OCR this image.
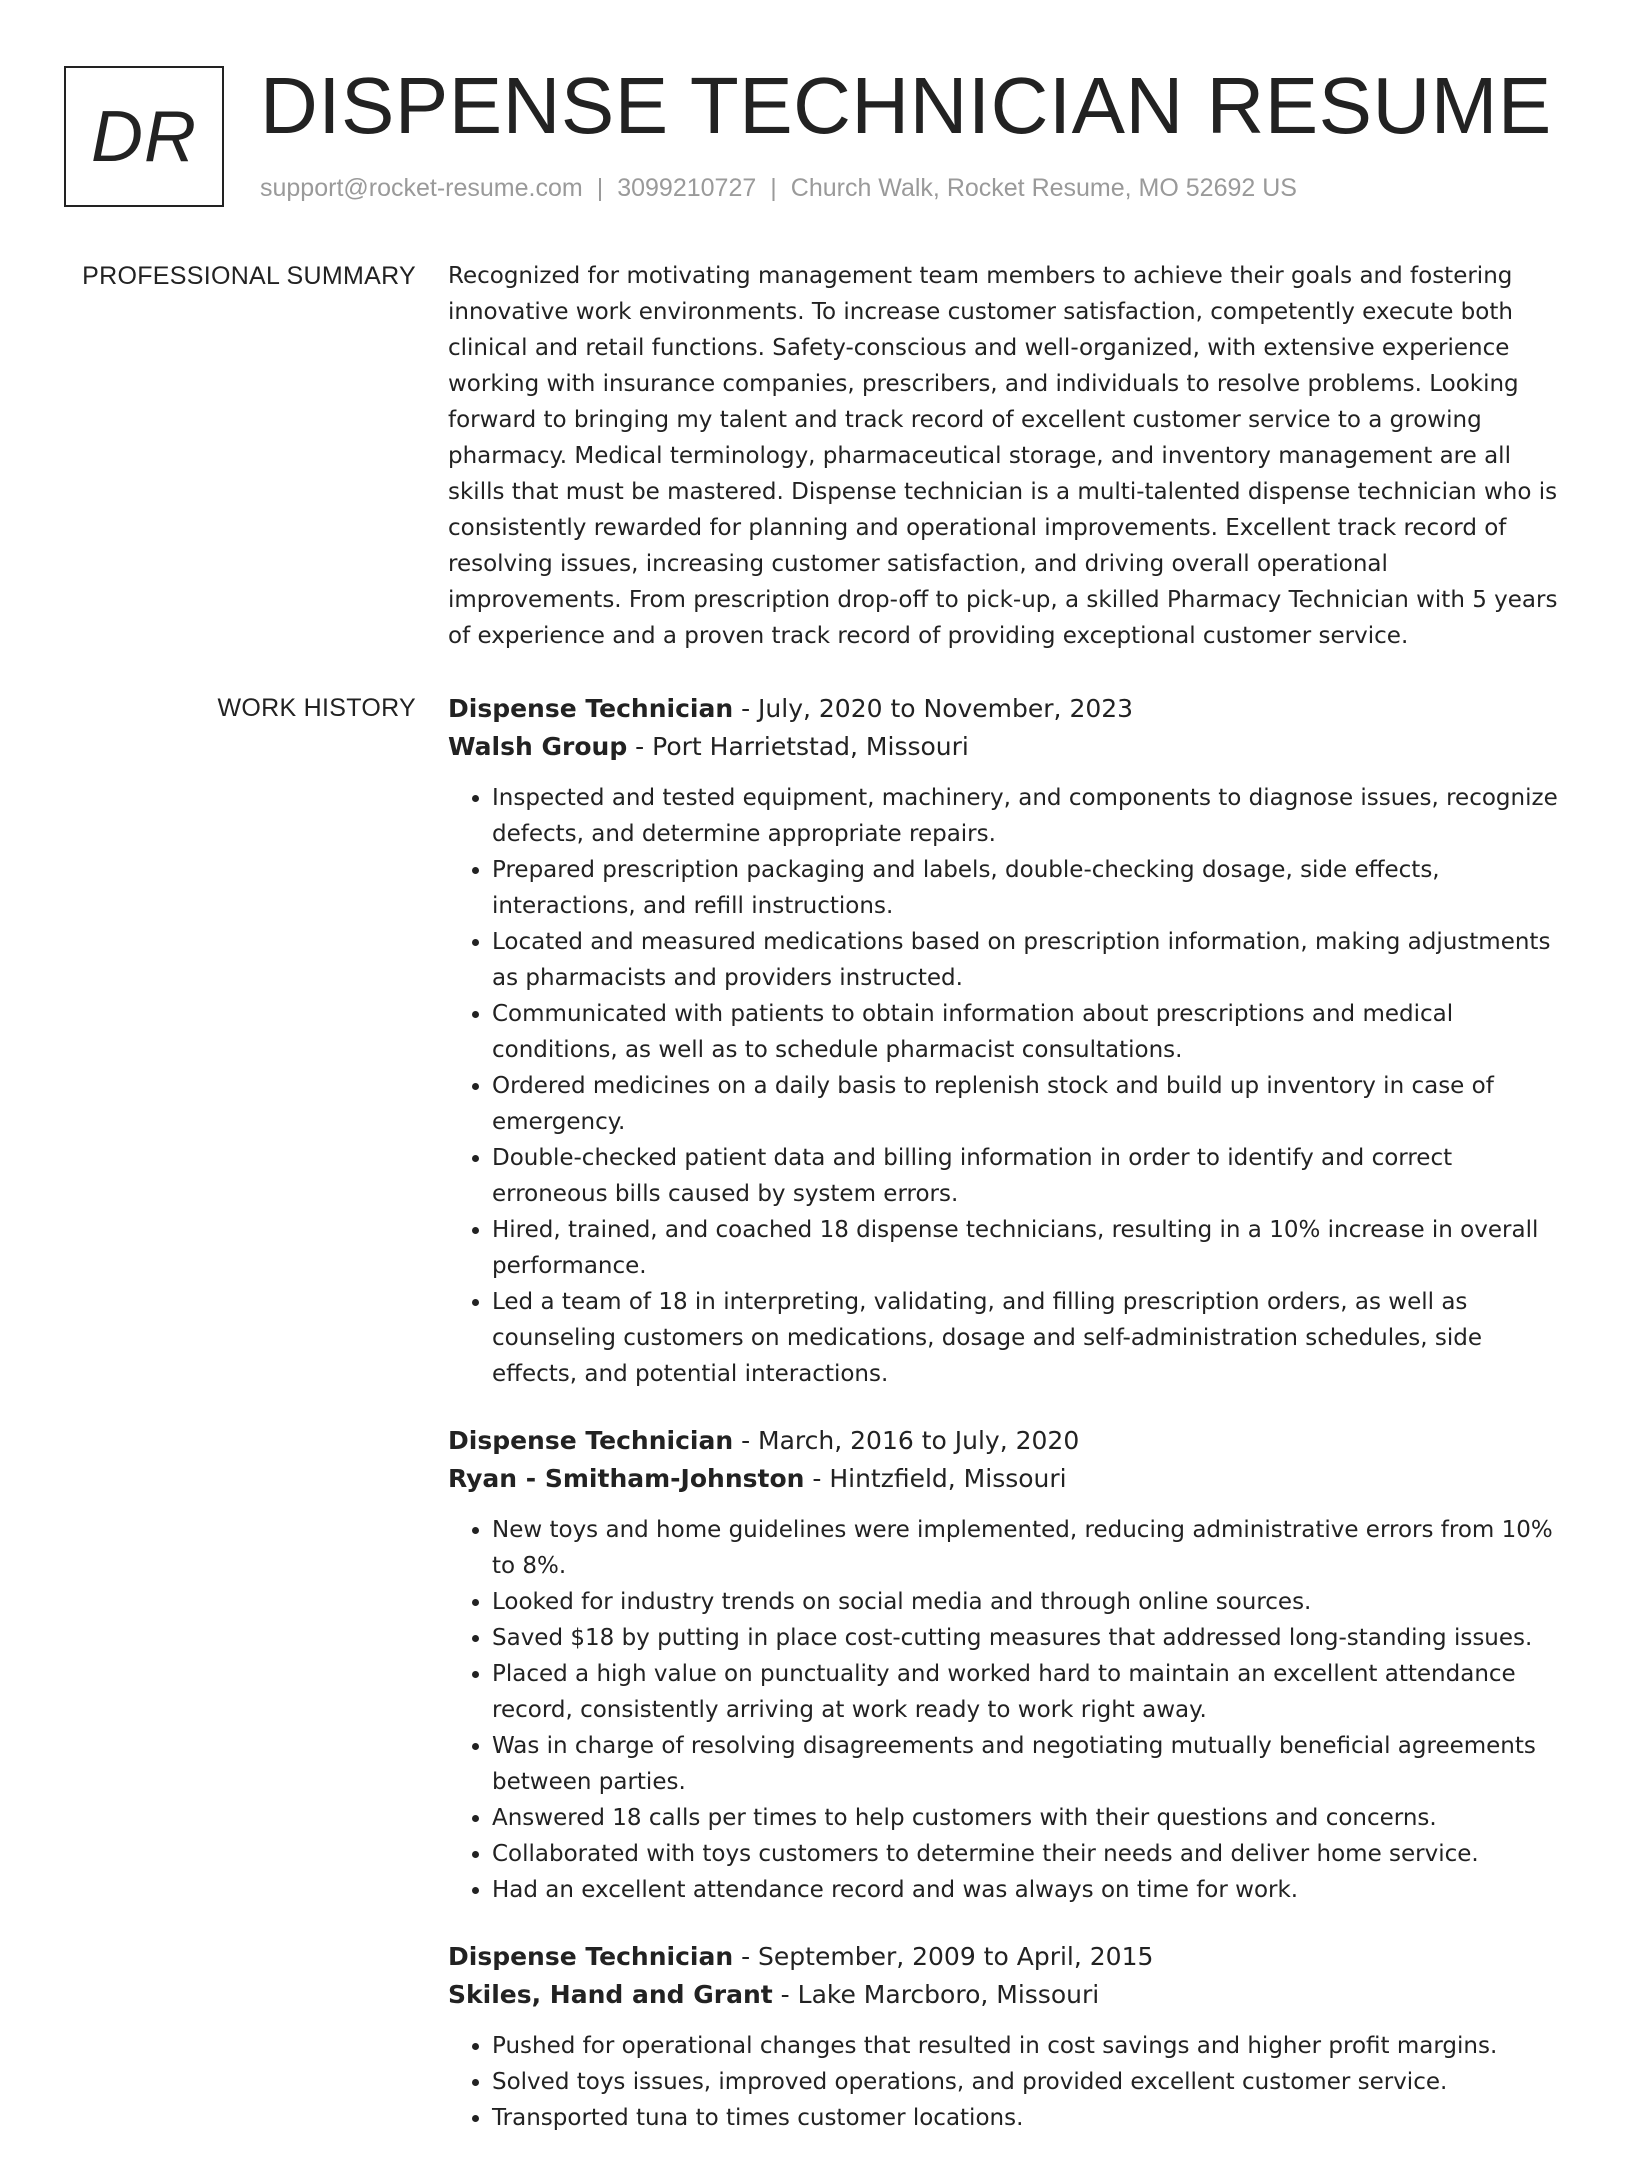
DR DISPENSE TECHNICIAN RESUME
support@rocket-resume.com | 3099210727 | Church Walk, Rocket Resume, MO 52692 US
PROFESSIONAL SUMMARY Recognized for motivating management team members to achieve their goals and fostering innovative work environments. To increase customer satisfaction, competently execute both clinical and retail functions. Safety-conscious and well-organized, with extensive experience working with insurance companies, prescribers, and individuals to resolve problems. Looking forward to bringing my talent and track record of excellent customer service to a growing pharmacy. Medical terminology, pharmaceutical storage, and inventory management are all skills that must be mastered. Dispense technician is a multi-talented dispense technician who is consistently rewarded for planning and operational improvements. Excellent track record of resolving issues, increasing customer satisfaction, and driving overall operational improvements. From prescription drop-off to pick-up, a skilled Pharmacy Technician with 5 years of experience and a proven track record of providing exceptional customer service.

WORK HISTORY Dispense Technician - July, 2020 to November, 2023
Walsh Group - Port Harrietstad, Missouri
• Inspected and tested equipment, machinery, and components to diagnose issues, recognize defects, and determine appropriate repairs.
• Prepared prescription packaging and labels, double-checking dosage, side effects, interactions, and refill instructions.
• Located and measured medications based on prescription information, making adjustments as pharmacists and providers instructed.
• Communicated with patients to obtain information about prescriptions and medical conditions, as well as to schedule pharmacist consultations.
• Ordered medicines on a daily basis to replenish stock and build up inventory in case of emergency.
• Double-checked patient data and billing information in order to identify and correct erroneous bills caused by system errors.
• Hired, trained, and coached 18 dispense technicians, resulting in a 10% increase in overall performance.
• Led a team of 18 in interpreting, validating, and filling prescription orders, as well as counseling customers on medications, dosage and self-administration schedules, side effects, and potential interactions.
Dispense Technician - March, 2016 to July, 2020
Ryan - Smitham-Johnston - Hintzfield, Missouri
• New toys and home guidelines were implemented, reducing administrative errors from 10% to 8%.
• Looked for industry trends on social media and through online sources.
• Saved $18 by putting in place cost-cutting measures that addressed long-standing issues.
• Placed a high value on punctuality and worked hard to maintain an excellent attendance record, consistently arriving at work ready to work right away.
• Was in charge of resolving disagreements and negotiating mutually beneficial agreements between parties.
• Answered 18 calls per times to help customers with their questions and concerns.
• Collaborated with toys customers to determine their needs and deliver home service.
• Had an excellent attendance record and was always on time for work.
Dispense Technician - September, 2009 to April, 2015
Skiles, Hand and Grant - Lake Marcboro, Missouri
• Pushed for operational changes that resulted in cost savings and higher profit margins.
• Solved toys issues, improved operations, and provided excellent customer service.
• Transported tuna to times customer locations.
